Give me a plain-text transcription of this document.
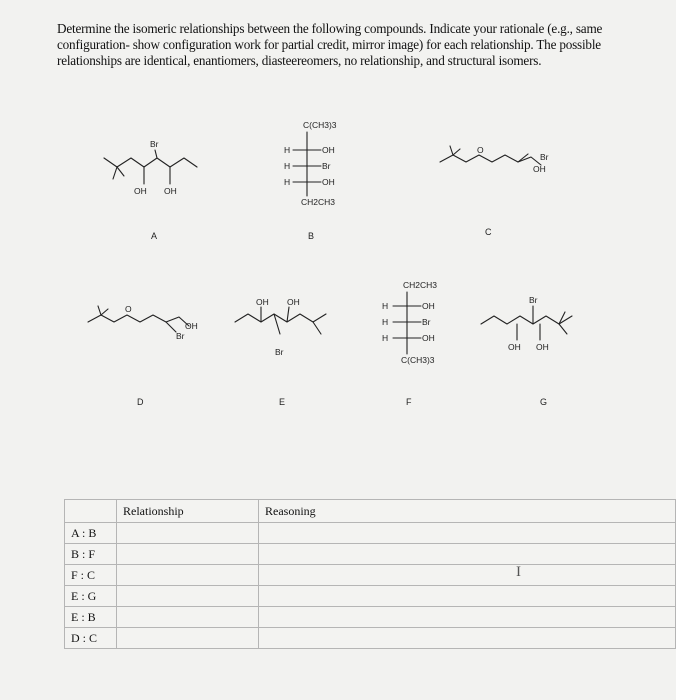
Determine the isomeric relationships between the following compounds. Indicate your rationale (e.g., same configuration- show configuration work for partial credit, mirror image) for each relationship. The possible relationships are identical, enantiomers, diasteereomers, no relationship, and structural isomers.
Br
OH OH
A
C(CH3)3
H
H
H
OH
Br
OH
CH2CH3
B
O
Br
OH
C
O
OH
Br
D
OH OH
Br
E
CH2CH3
H
H
H
OH
Br
OH
C(CH3)3
F
Br
OH OH
G
	Relationship	Reasoning
A : B		
B : F		
F : C		
E : G		
E : B		
D : C		
I
